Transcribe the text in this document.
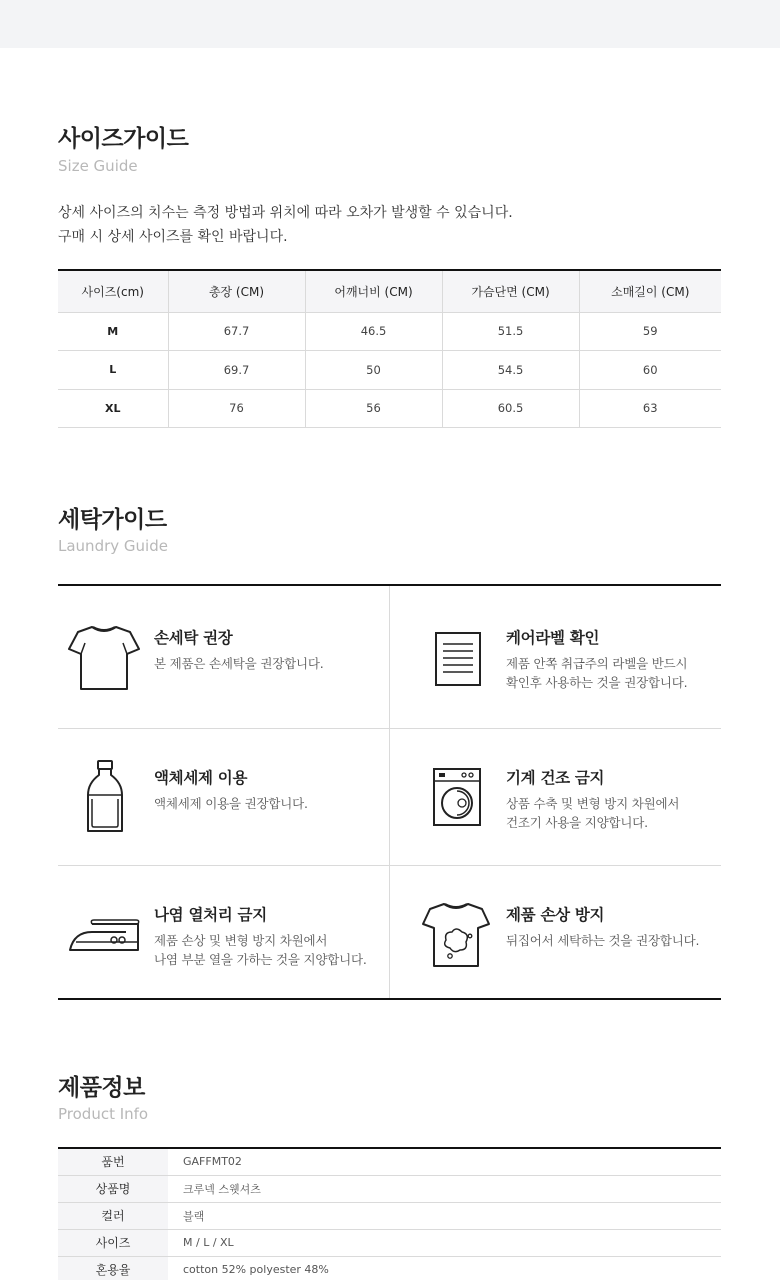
사이즈가이드
Size Guide
상세 사이즈의 치수는 측정 방법과 위치에 따라 오차가 발생할 수 있습니다.
구매 시 상세 사이즈를 확인 바랍니다.
사이즈(cm)	총장 (CM)	어깨너비 (CM)	가슴단면 (CM)	소매길이 (CM)
M	67.7	46.5	51.5	59
L	69.7	50	54.5	60
XL	76	56	60.5	63
세탁가이드
Laundry Guide
손세탁 권장
본 제품은 손세탁을 권장합니다.
케어라벨 확인
제품 안쪽 취급주의 라벨을 반드시
확인후 사용하는 것을 권장합니다.
액체세제 이용
액체세제 이용을 권장합니다.
기계 건조 금지
상품 수축 및 변형 방지 차원에서
건조기 사용을 지양합니다.
나염 열처리 금지
제품 손상 및 변형 방지 차원에서
나염 부분 열을 가하는 것을 지양합니다.
제품 손상 방지
뒤집어서 세탁하는 것을 권장합니다.
제품정보
Product Info
품번	GAFFMT02
상품명	크루넥 스웻셔츠
컬러	블랙
사이즈	M / L / XL
혼용율	cotton 52% polyester 48%
